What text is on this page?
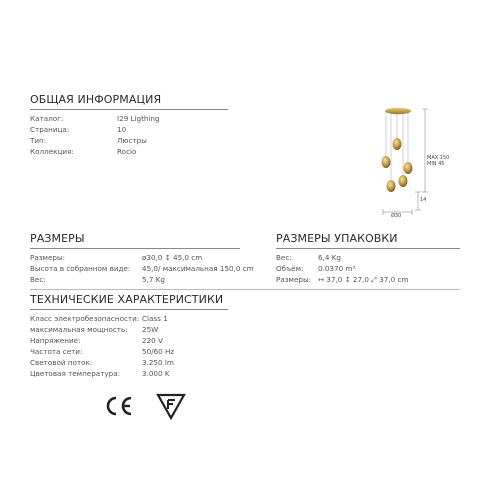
ОБЩАЯ ИНФОРМАЦИЯ
Каталог:	I29 Ligthing
Страница:	10
Тип:	Люстры
Коллекция:	Rocio
MAX 150
MIN 45
14
Ø30
РАЗМЕРЫ
Размеры:	ø30,0 ↕ 45,0 cm
Высота в собранном виде: 45,0/ максимальная 150,0 cm
Вес:	5,7 Kg
РАЗМЕРЫ УПАКОВКИ
Вес:	6,4 Kg
Объём: 0.0370 m³
Размеры: ↔ 37,0 ↕ 27,0 ⤢ 37,0 cm
ТЕХНИЧЕСКИЕ ХАРАКТЕРИСТИКИ
Класс электробезопасности: Class 1
максимальная мощность: 25W
Напряжение:	220 V
Частота сети:	50/60 Hz
Световой поток:	3.250 lm
Цветовая температура:	3.000 K
